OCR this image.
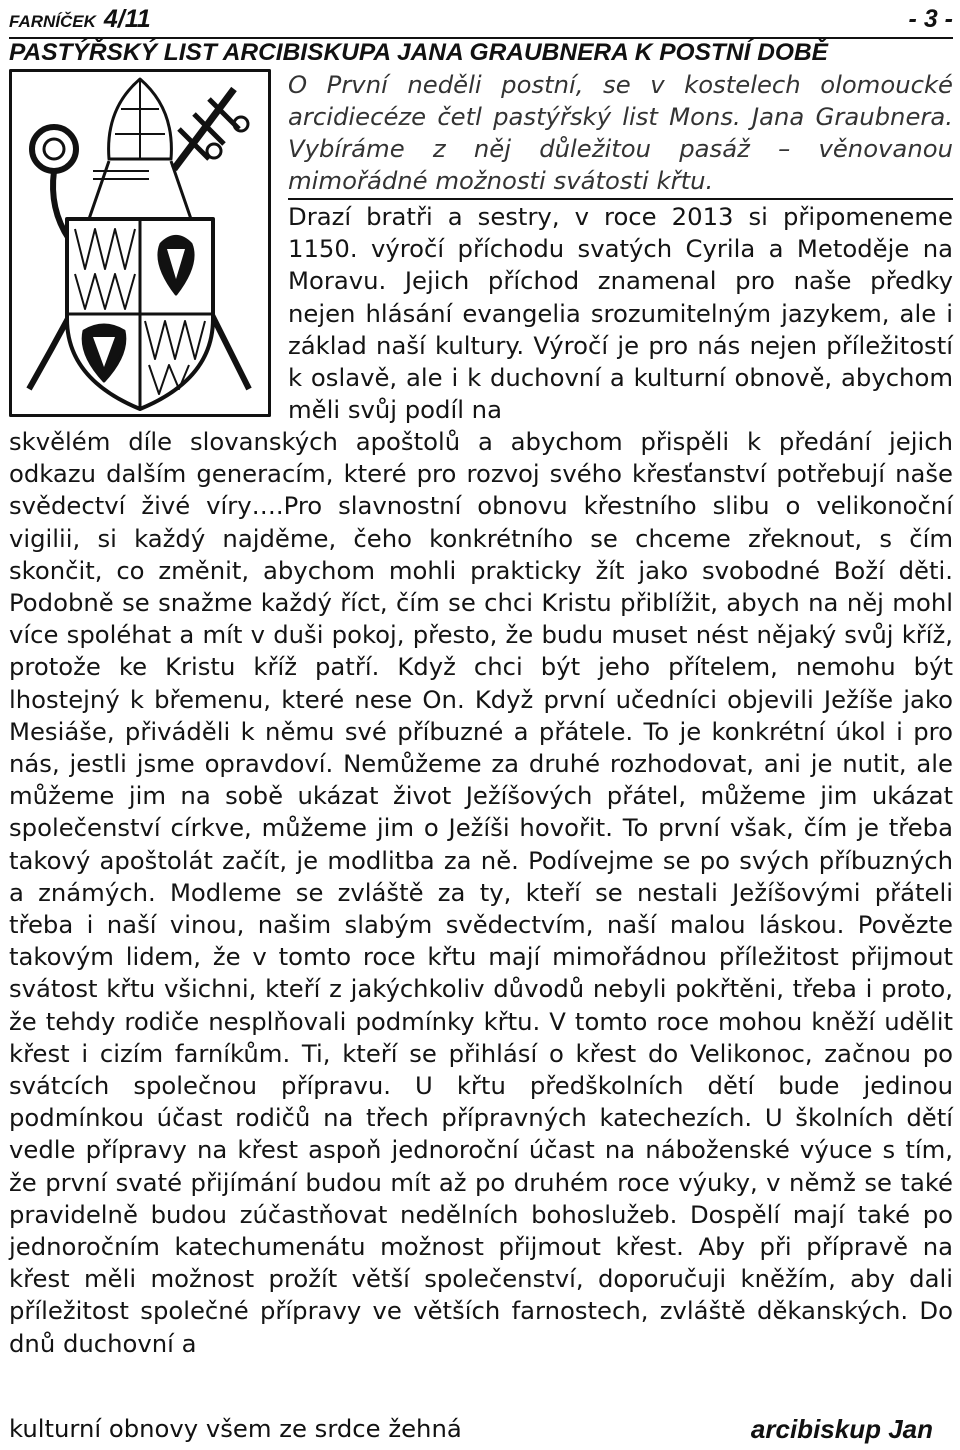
FARNÍČEK 4/11	- 3 -
PASTÝŘSKÝ LIST ARCIBISKUPA JANA GRAUBNERA K POSTNÍ DOBĚ
O První neděli postní, se v kostelech olomoucké arcidiecéze četl pastýřský list Mons. Jana Graubnera. Vybíráme z něj důležitou pasáž – věnovanou mimořádné možnosti svátosti křtu.
Drazí bratři a sestry, v roce 2013 si připomeneme 1150. výročí příchodu svatých Cyrila a Metoděje na Moravu. Jejich příchod znamenal pro naše předky nejen hlásání evangelia srozumitelným jazykem, ale i základ naší kultury. Výročí je pro nás nejen příležitostí k oslavě, ale i k duchovní a kulturní obnově, abychom měli svůj podíl na
skvělém díle slovanských apoštolů a abychom přispěli k předání jejich odkazu dalším generacím, které pro rozvoj svého křesťanství potřebují naše svědectví živé víry….Pro slavnostní obnovu křestního slibu o velikonoční vigilii, si každý najděme, čeho konkrétního se chceme zřeknout, s čím skončit, co změnit, abychom mohli prakticky žít jako svobodné Boží děti. Podobně se snažme každý říct, čím se chci Kristu přiblížit, abych na něj mohl více spoléhat a mít v duši pokoj, přesto, že budu muset nést nějaký svůj kříž, protože ke Kristu kříž patří. Když chci být jeho přítelem, nemohu být lhostejný k břemenu, které nese On. Když první učedníci objevili Ježíše jako Mesiáše, přiváděli k němu své příbuzné a přátele. To je konkrétní úkol i pro nás, jestli jsme opravdoví. Nemůžeme za druhé rozhodovat, ani je nutit, ale můžeme jim na sobě ukázat život Ježíšových přátel, můžeme jim ukázat společenství církve, můžeme jim o Ježíši hovořit. To první však, čím je třeba takový apoštolát začít, je modlitba za ně. Podívejme se po svých příbuzných a známých. Modleme se zvláště za ty, kteří se nestali Ježíšovými přáteli třeba i naší vinou, našim slabým svědectvím, naší malou láskou. Povězte takovým lidem, že v tomto roce křtu mají mimořádnou příležitost přijmout svátost křtu všichni, kteří z jakýchkoliv důvodů nebyli pokřtěni, třeba i proto, že tehdy rodiče nesplňovali podmínky křtu. V tomto roce mohou kněží udělit křest i cizím farníkům. Ti, kteří se přihlásí o křest do Velikonoc, začnou po svátcích společnou přípravu. U křtu předškolních dětí bude jedinou podmínkou účast rodičů na třech přípravných katechezích. U školních dětí vedle přípravy na křest aspoň jednoroční účast na náboženské výuce s tím, že první svaté přijímání budou mít až po druhém roce výuky, v němž se také pravidelně budou zúčastňovat nedělních bohoslužeb. Dospělí mají také po jednoročním katechumenátu možnost přijmout křest. Aby při přípravě na křest měli možnost prožít větší společenství, doporučuji kněžím, aby dali příležitost společné přípravy ve větších farnostech, zvláště děkanských. Do dnů duchovní a
kulturní obnovy všem ze srdce žehná	arcibiskup Jan
